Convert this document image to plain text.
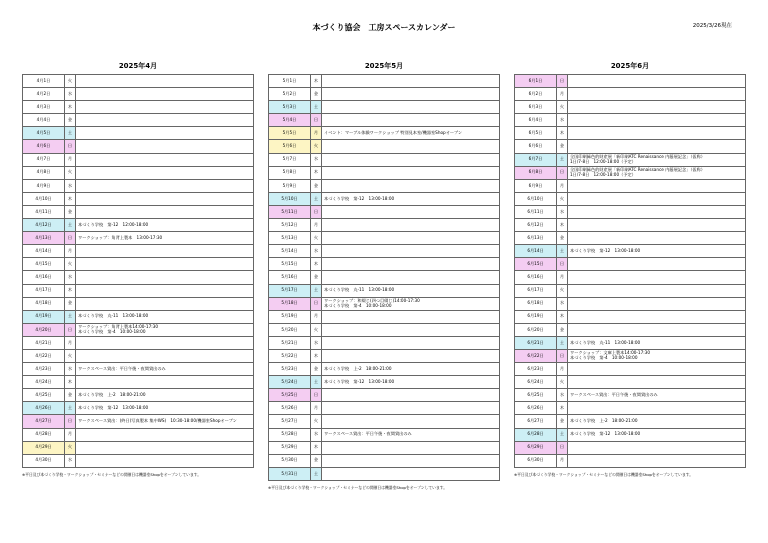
本づくり協会　工房スペースカレンダー	2025/3/26現在
2025年4月
4月1日	火	
4月2日	水	
4月3日	木	
4月4日	金	
4月5日	土	
4月6日	日	
4月7日	月	
4月8日	火	
4月9日	水	
4月10日	木	
4月11日	金	
4月12日	土	本づくり学校　第-12　12:00-18:00

4月13日	日	ワークショップ：角背上製本　13:00-17:30

4月14日	月	
4月15日	火	
4月16日	水	
4月17日	木	
4月18日	金	
4月19日	土	本づくり学校　丸-11　13:00-18:00

4月20日	日	ワークショップ：角背上製本14:00-17:30
本づくり学校　第-4　10:00-18:00

4月21日	月	
4月22日	火	
4月23日	水	ワークスペース貸出：平日午後・夜間貸出のみ

4月24日	木	
4月25日	金	本づくり学校　上-2　18:00-21:00

4月26日	土	本づくり学校　第-12　13:00-18:00

4月27日	日	ワークスペース貸出：(終日)写真製本 集中WS)　10:30-18:00/機器室Shopオープン

4月28日	月	
4月29日	火	
4月30日	水	
※平日及び本づくり学校・ワークショップ・セミナーなどの開催日は機器室Shopをオープンしています。
2025年5月
5月1日	木	
5月2日	金	
5月3日	土	
5月4日	日	
5月5日	月	イベント：マーブル体験ワークショップ 特別見本室/機器室Shopオープン

5月6日	火	
5月7日	水	
5月8日	木	
5月9日	金	
5月10日	土	本づくり学校　第-12　13:00-18:00

5月11日	日	
5月12日	月	
5月13日	火	
5月14日	水	
5月15日	木	
5月16日	金	
5月17日	土	本づくり学校　丸-11　13:00-18:00

5月18日	日	ワークショップ：和綴じ(四つ目綴じ)14:00-17:30
本づくり学校　第-4　10:00-18:00

5月19日	月	
5月20日	火	
5月21日	水	
5月22日	木	
5月23日	金	本づくり学校　上-2　18:00-21:00

5月24日	土	本づくり学校　第-12　13:00-18:00

5月25日	日	
5月26日	月	
5月27日	火	
5月28日	水	ワークスペース貸出：平日午後・夜間貸出のみ

5月29日	木	
5月30日	金	
5月31日	土	
※平日及び本づくり学校・ワークショップ・セミナーなどの開催日は機器室Shopをオープンしています。
2025年6月
6月1日	日	
6月2日	月	
6月3日	火	
6月4日	水	
6月5日	木	
6月6日	金	
6月7日	土	全国印刷緑色的財産展「新印刷ATC Renaissance 内藤展記念」（仮称）
1日/7-8日　12:00-18:00（予定）

6月8日	日	全国印刷緑色的財産展「新印刷ATC Renaissance 内藤展記念」（仮称）
1日/7-8日　12:00-18:00（予定）

6月9日	月	
6月10日	火	
6月11日	水	
6月12日	木	
6月13日	金	
6月14日	土	本づくり学校　第-12　13:00-18:00

6月15日	日	
6月16日	月	
6月17日	火	
6月18日	水	
6月19日	木	
6月20日	金	
6月21日	土	本づくり学校　丸-11　13:00-18:00

6月22日	日	ワークショップ：文庫上製本14:00-17:30
本づくり学校　第-4　10:00-18:00

6月23日	月	
6月24日	火	
6月25日	水	ワークスペース貸出：平日午後・夜間貸出のみ

6月26日	木	
6月27日	金	本づくり学校　上-2　18:00-21:00

6月28日	土	本づくり学校　第-12　13:00-18:00

6月29日	日	
6月30日	月	
※平日及び本づくり学校・ワークショップ・セミナーなどの開催日は機器室Shopをオープンしています。
